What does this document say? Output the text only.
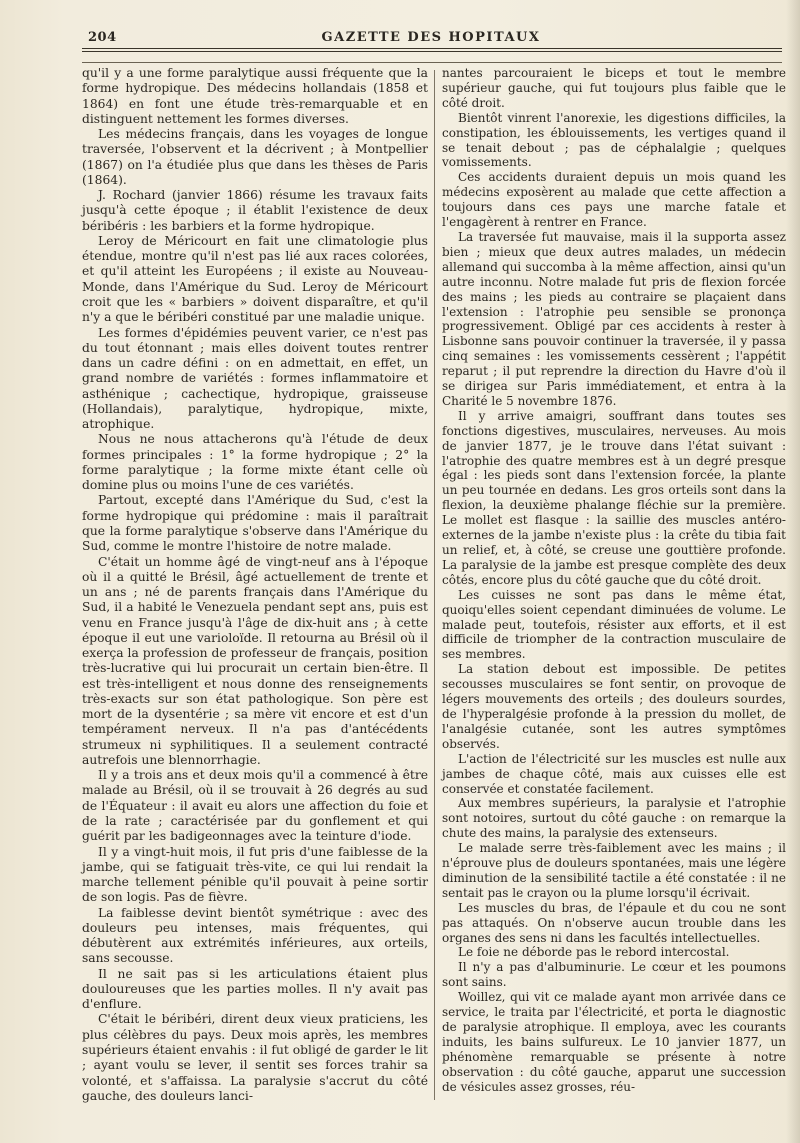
204	GAZETTE DES HOPITAUX

qu'il y a une forme paralytique aussi fréquente que la forme hydropique. Des médecins hollandais (1858 et 1864) en font une étude très-remarquable et en distinguent nettement les formes diverses.

Les médecins français, dans les voyages de longue traversée, l'observent et la décrivent ; à Montpellier (1867) on l'a étudiée plus que dans les thèses de Paris (1864).

J. Rochard (janvier 1866) résume les travaux faits jusqu'à cette époque ; il établit l'existence de deux béribéris : les barbiers et la forme hydropique.

Leroy de Méricourt en fait une climatologie plus étendue, montre qu'il n'est pas lié aux races colorées, et qu'il atteint les Européens ; il existe au Nouveau-Monde, dans l'Amérique du Sud. Leroy de Méricourt croit que les « barbiers » doivent disparaître, et qu'il n'y a que le béribéri constitué par une maladie unique.

Les formes d'épidémies peuvent varier, ce n'est pas du tout étonnant ; mais elles doivent toutes rentrer dans un cadre défini : on en admettait, en effet, un grand nombre de variétés : formes inflammatoire et asthénique ; cachectique, hydropique, graisseuse (Hollandais), paralytique, hydropique, mixte, atrophique.

Nous ne nous attacherons qu'à l'étude de deux formes principales : 1° la forme hydropique ; 2° la forme paralytique ; la forme mixte étant celle où domine plus ou moins l'une de ces variétés.

Partout, excepté dans l'Amérique du Sud, c'est la forme hydropique qui prédomine : mais il paraîtrait que la forme paralytique s'observe dans l'Amérique du Sud, comme le montre l'histoire de notre malade.

C'était un homme âgé de vingt-neuf ans à l'époque où il a quitté le Brésil, âgé actuellement de trente et un ans ; né de parents français dans l'Amérique du Sud, il a habité le Venezuela pendant sept ans, puis est venu en France jusqu'à l'âge de dix-huit ans ; à cette époque il eut une varioloïde. Il retourna au Brésil où il exerça la profession de professeur de français, position très-lucrative qui lui procurait un certain bien-être. Il est très-intelligent et nous donne des renseignements très-exacts sur son état pathologique. Son père est mort de la dysentérie ; sa mère vit encore et est d'un tempérament nerveux. Il n'a pas d'antécédents strumeux ni syphilitiques. Il a seulement contracté autrefois une blennorrhagie.

Il y a trois ans et deux mois qu'il a commencé à être malade au Brésil, où il se trouvait à 26 degrés au sud de l'Équateur : il avait eu alors une affection du foie et de la rate ; caractérisée par du gonflement et qui guérit par les badigeonnages avec la teinture d'iode.

Il y a vingt-huit mois, il fut pris d'une faiblesse de la jambe, qui se fatiguait très-vite, ce qui lui rendait la marche tellement pénible qu'il pouvait à peine sortir de son logis. Pas de fièvre.

La faiblesse devint bientôt symétrique : avec des douleurs peu intenses, mais fréquentes, qui débutèrent aux extrémités inférieures, aux orteils, sans secousse.

Il ne sait pas si les articulations étaient plus douloureuses que les parties molles. Il n'y avait pas d'enflure.

C'était le béribéri, dirent deux vieux praticiens, les plus célèbres du pays. Deux mois après, les membres supérieurs étaient envahis : il fut obligé de garder le lit ; ayant voulu se lever, il sentit ses forces trahir sa volonté, et s'affaissa. La paralysie s'accrut du côté gauche, des douleurs lanci-

nantes parcouraient le biceps et tout le membre supérieur gauche, qui fut toujours plus faible que le côté droit.

Bientôt vinrent l'anorexie, les digestions difficiles, la constipation, les éblouissements, les vertiges quand il se tenait debout ; pas de céphalalgie ; quelques vomissements.

Ces accidents duraient depuis un mois quand les médecins exposèrent au malade que cette affection a toujours dans ces pays une marche fatale et l'engagèrent à rentrer en France.

La traversée fut mauvaise, mais il la supporta assez bien ; mieux que deux autres malades, un médecin allemand qui succomba à la même affection, ainsi qu'un autre inconnu. Notre malade fut pris de flexion forcée des mains ; les pieds au contraire se plaçaient dans l'extension : l'atrophie peu sensible se prononça progressivement. Obligé par ces accidents à rester à Lisbonne sans pouvoir continuer la traversée, il y passa cinq semaines : les vomissements cessèrent ; l'appétit reparut ; il put reprendre la direction du Havre d'où il se dirigea sur Paris immédiatement, et entra à la Charité le 5 novembre 1876.

Il y arrive amaigri, souffrant dans toutes ses fonctions digestives, musculaires, nerveuses. Au mois de janvier 1877, je le trouve dans l'état suivant : l'atrophie des quatre membres est à un degré presque égal : les pieds sont dans l'extension forcée, la plante un peu tournée en dedans. Les gros orteils sont dans la flexion, la deuxième phalange fléchie sur la première. Le mollet est flasque : la saillie des muscles antéro-externes de la jambe n'existe plus : la crête du tibia fait un relief, et, à côté, se creuse une gouttière profonde. La paralysie de la jambe est presque complète des deux côtés, encore plus du côté gauche que du côté droit.

Les cuisses ne sont pas dans le même état, quoiqu'elles soient cependant diminuées de volume. Le malade peut, toutefois, résister aux efforts, et il est difficile de triompher de la contraction musculaire de ses membres.

La station debout est impossible. De petites secousses musculaires se font sentir, on provoque de légers mouvements des orteils ; des douleurs sourdes, de l'hyperalgésie profonde à la pression du mollet, de l'analgésie cutanée, sont les autres symptômes observés.

L'action de l'électricité sur les muscles est nulle aux jambes de chaque côté, mais aux cuisses elle est conservée et constatée facilement.

Aux membres supérieurs, la paralysie et l'atrophie sont notoires, surtout du côté gauche : on remarque la chute des mains, la paralysie des extenseurs.

Le malade serre très-faiblement avec les mains ; il n'éprouve plus de douleurs spontanées, mais une légère diminution de la sensibilité tactile a été constatée : il ne sentait pas le crayon ou la plume lorsqu'il écrivait.

Les muscles du bras, de l'épaule et du cou ne sont pas attaqués. On n'observe aucun trouble dans les organes des sens ni dans les facultés intellectuelles.

Le foie ne déborde pas le rebord intercostal.

Il n'y a pas d'albuminurie. Le cœur et les poumons sont sains.

Woillez, qui vit ce malade ayant mon arrivée dans ce service, le traita par l'électricité, et porta le diagnostic de paralysie atrophique. Il employa, avec les courants induits, les bains sulfureux. Le 10 janvier 1877, un phénomène remarquable se présente à notre observation : du côté gauche, apparut une succession de vésicules assez grosses, réu-
